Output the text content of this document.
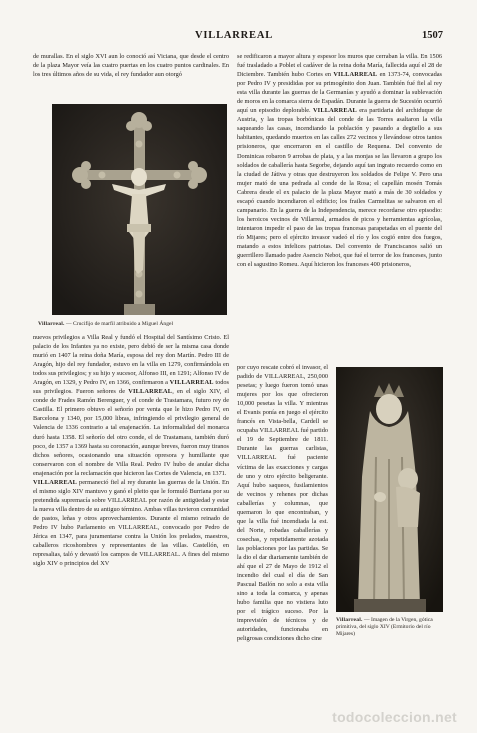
VILLARREAL	1507

de murallas. En el siglo XVI aun lo conoció así Viciana, que desde el centro de la plaza Mayor veía las cuatro puertas en los cuatro puntos cardinales. En los tres últimos años de su vida, el rey fundador aun otorgó

Villarreal. — Crucifijo de marfil atribuido a Miguel Ángel

nuevos privilegios a Villa Real y fundó el Hospital del Santísimo Cristo. El palacio de los Infantes ya no existe, pero debió de ser la misma casa donde murió en 1407 la reina doña María, esposa del rey don Martín. Pedro III de Aragón, hijo del rey fundador, estuvo en la villa en 1279, confirmándola en todos sus privilegios; y su hijo y sucesor, Alfonso III, en 1291; Alfonso IV de Aragón, en 1329, y Pedro IV, en 1366, confirmaron a VILLARREAL todos sus privilegios. Fueron señores de VILLARREAL, en el siglo XIV, el conde de Frades Ramón Berenguer, y el conde de Trastamara, futuro rey de Castilla. El primero obtuvo el señorío por venta que le hizo Pedro IV, en Barcelona y 1340, por 15,000 libras, infringiendo el privilegio general de Valencia de 1336 contrario a tal enajenación. La informalidad del monarca duró hasta 1358. El señorío del otro conde, el de Trastamara, también duró poco, de 1357 a 1369 hasta su coronación, aunque breves, fueron muy tiranos dichos señores, ocasionando una situación opresora y humillante que conservaron con el nombre de Villa Real. Pedro IV hubo de anular dicha enajenación por la reclamación que hicieron las Cortes de Valencia, en 1371.

VILLARREAL permaneció fiel al rey durante las guerras de la Unión. En el mismo siglo XIV mantuvo y ganó el pleito que le formuló Burriana por su pretendida supremacía sobre VILLARREAL por razón de antigüedad y estar la nueva villa dentro de su antiguo término. Ambas villas tuvieron comunidad de pastos, leñas y otros aprovechamientos. Durante el mismo reinado de Pedro IV hubo Parlamento en VILLARREAL, convocado por Pedro de Jérica en 1347, para juramentarse contra la Unión los prelados, maestros, caballeros ricoshombres y representantes de las villas. Castellón, en represalias, taló y devastó los campos de VILLARREAL. A fines del mismo siglo XIV o principios del XV

se redificaron a mayor altura y espesor los muros que cerraban la villa. En 1506 fué trasladado a Poblet el cadáver de la reina doña María, fallecida aquí el 28 de Diciembre. También hubo Cortes en VILLARREAL en 1373-74, convocadas por Pedro IV y presididas por su primogénito don Juan. También fué fiel al rey esta villa durante las guerras de la Germanías y ayudó a dominar la sublevación de moros en la comarca sierra de Espadán. Durante la guerra de Sucesión ocurrió aquí un episodio deplorable. VILLARREAL era partidaria del archiduque de Austria, y las tropas borbónicas del conde de las Torres asaltaron la villa saqueando las casas, incendiando la población y pasando a degüello a sus habitantes, quedando muertos en las calles 272 vecinos y llevándose otros tantos prisioneros, que encerraron en el castillo de Requena. Del convento de Dominicas robaron 9 arrobas de plata, y a las monjas se las llevaron a grupo los soldados de caballería hasta Segorbe, dejando aquí tan ingrato recuerdo como en la ciudad de Játiva y otras que destruyeron los soldados de Felipe V. Pero una mujer mató de una pedrada al conde de la Rosa; el capellán mosén Tomás Cabrera desde el ex palacio de la plaza Mayor mató a más de 30 soldados y escapó cuando incendiaron el edificio; los frailes Carmelitas se salvaron en el campanario. En la guerra de la Independencia, merece recordarse otro episodio: los heroicos vecinos de Villarreal, armados de picos y herramientas agrícolas, intentaron impedir el paso de las tropas francesas parapetadas en el puente del río Mijares; pero el ejército invasor vadeó el río y los cogió entre dos fuegos, matando a estos infelices patriotas. Del convento de Franciscanos salió un guerrillero llamado padre Asencio Nebot, que fué el terror de los franceses, junto con el sagustino Romeu. Aquí hicieron los franceses 400 prisioneros,

por cuyo rescate cobró el invasor, el padido de VILLARREAL, 250,000 pesetas; y luego fueron tomó unas mujeres por los que ofrecieron 10,000 pesetas la villa. Y mientras el Evanis ponía en juego el ejército francés en Vista-bella, Cardell se ocupaba VILLARREAL fué partido el 19 de Septiembre de 1811. Durante las guerras carlistas, VILLARREAL fué paciente víctima de las exacciones y cargas de uno y otro ejército beligerante. Aquí hubo saqueos, fusilamientos de vecinos y rehenes por dichas caballerías y columnas, que quemaron lo que encontraban, y que la villa fué incendiada la est. del Norte, robadas caballerías y cosechas, y repetidamente azotada las poblaciones por las partidas. Se la dio el dar diariamente también de ahí que el 27 de Mayo de 1912 el incendio del cual el día de San Pascual Bailón no solo a esta villa sino a toda la comarca, y apenas hubo familia que no vistiera luto por el trágico suceso. Por la imprevisión de técnicos y de autoridades, funcionaba en peligrosas condiciones dicho cine

Villarreal. — Imagen de la Virgen, gótica primitiva, del siglo XIV (Ermitorio del río Mijares)
todocoleccion.net
